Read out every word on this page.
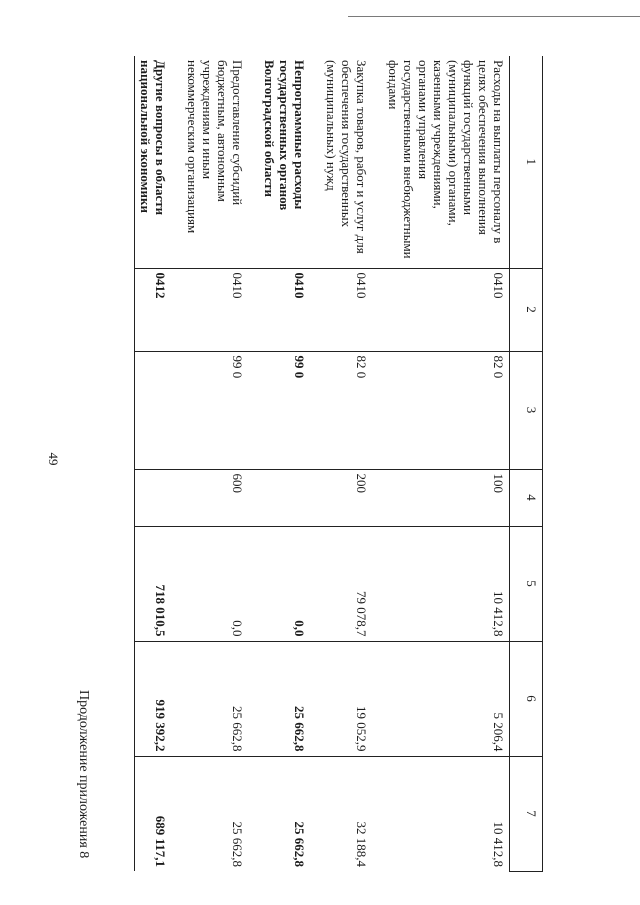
49
Продолжение приложения 8
1	2	3	4	5	6	7
Расходы на выплаты персоналу в целях обеспечения выполнения функций государственными (муниципальными) органами, казенными учреждениями, органами управления государственными внебюджетными фондами	0410	82 0	100	10 412,8	5 206,4	10 412,8
Закупка товаров, работ и услуг для обеспечения государственных (муниципальных) нужд	0410	82 0	200	79 078,7	19 052,9	32 188,4
Непрограммные расходы государственных органов Волгоградской области	0410	99 0		0,0	25 662,8	25 662,8
Предоставление субсидий бюджетным, автономным учреждениям и иным некоммерческим организациям	0410	99 0	600	0,0	25 662,8	25 662,8
Другие вопросы в области национальной экономики	0412			718 010,5	919 392,2	689 117,1
